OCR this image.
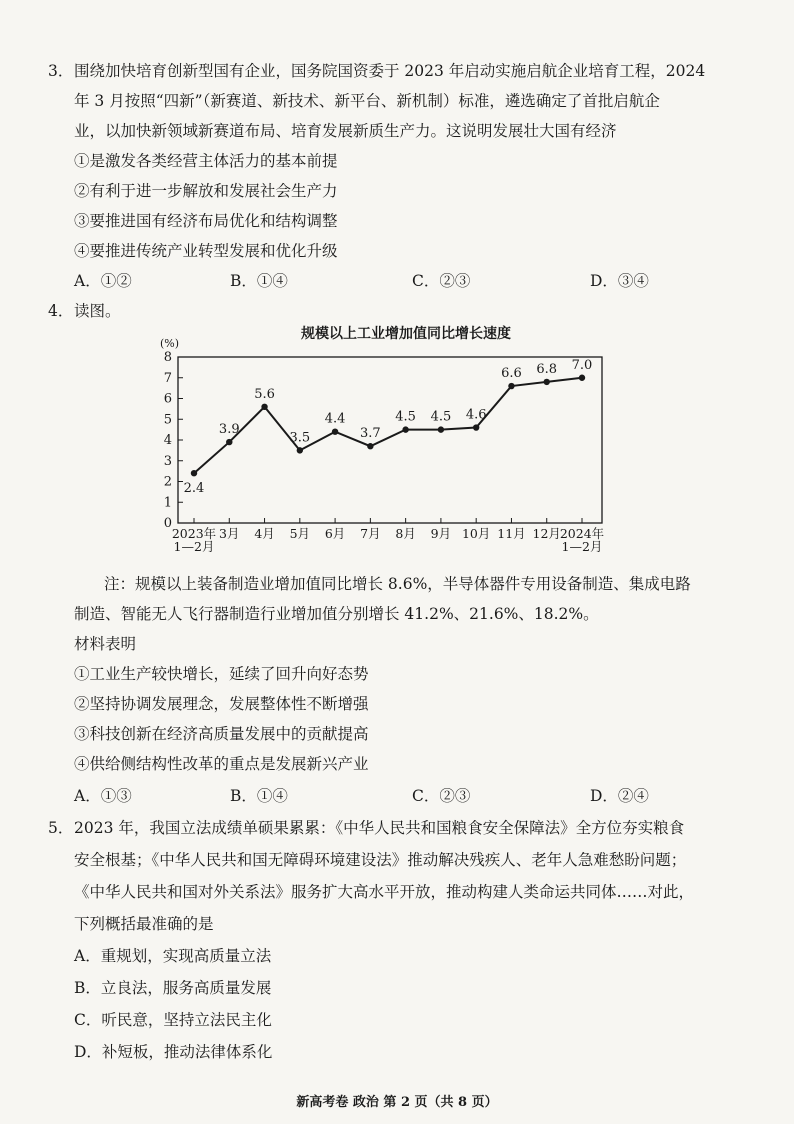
3． 围绕加快培育创新型国有企业，国务院国资委于 2023 年启动实施启航企业培育工程，2024
年 3 月按照“四新”（新赛道、新技术、新平台、新机制）标准，遴选确定了首批启航企
业，以加快新领域新赛道布局、培育发展新质生产力。这说明发展壮大国有经济
①是激发各类经营主体活力的基本前提
②有利于进一步解放和发展社会生产力
③要推进国有经济布局优化和结构调整
④要推进传统产业转型发展和优化升级
A．①②	B．①④	C．②③	D．③④
4． 读图。
规模以上工业增加值同比增长速度
0
1
2
3
4
5
6
7
8
(%)
2023年
1—2月
3月 4月 5月 6月 7月 8月 9月 10月 11月 12月
2024年
1—2月
2.4
3.9
5.6
3.5
4.4
3.7
4.5 4.5 4.6
6.6 6.8 7.0
注：规模以上装备制造业增加值同比增长 8.6%，半导体器件专用设备制造、集成电路
制造、智能无人飞行器制造行业增加值分别增长 41.2%、21.6%、18.2%。
材料表明
①工业生产较快增长，延续了回升向好态势
②坚持协调发展理念，发展整体性不断增强
③科技创新在经济高质量发展中的贡献提高
④供给侧结构性改革的重点是发展新兴产业
A．①③	B．①④	C．②③	D．②④
5． 2023 年，我国立法成绩单硕果累累：《中华人民共和国粮食安全保障法》全方位夯实粮食
安全根基；《中华人民共和国无障碍环境建设法》推动解决残疾人、老年人急难愁盼问题；
《中华人民共和国对外关系法》服务扩大高水平开放，推动构建人类命运共同体……对此，
下列概括最准确的是
A．重规划，实现高质量立法
B．立良法，服务高质量发展
C．听民意，坚持立法民主化
D．补短板，推动法律体系化
新高考卷 政治 第 2 页（共 8 页）
